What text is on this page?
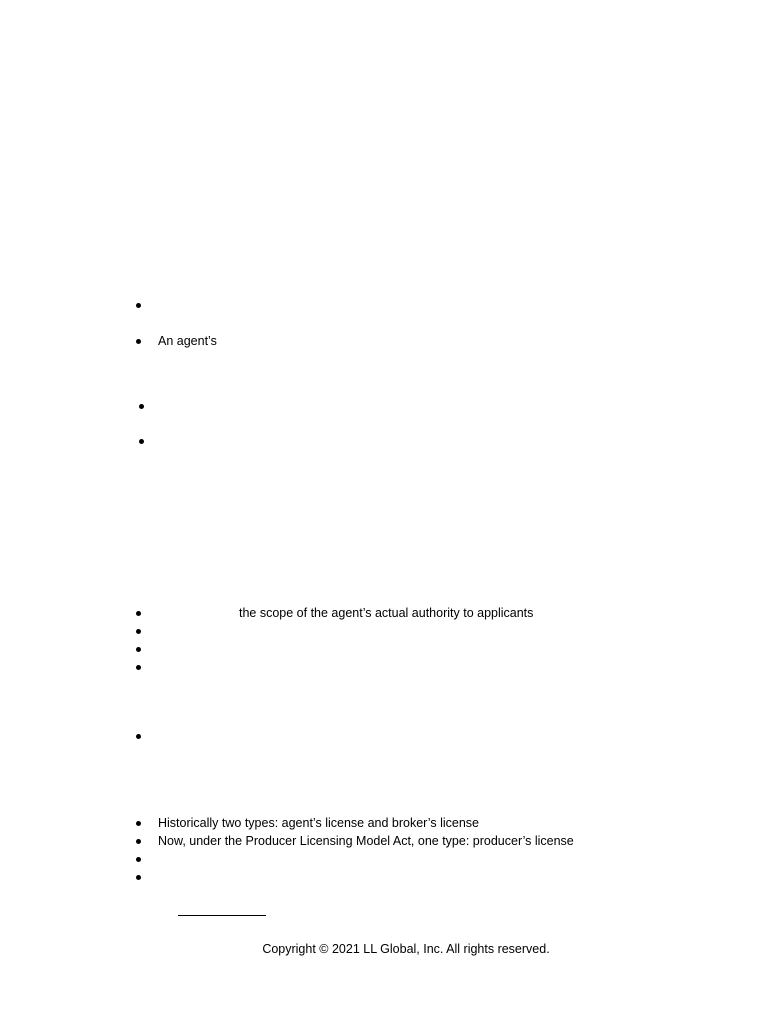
An agent’s
the scope of the agent’s actual authority to applicants
Historically two types: agent’s license and broker’s license
Now, under the Producer Licensing Model Act, one type: producer’s license
Copyright © 2021 LL Global, Inc. All rights reserved.
